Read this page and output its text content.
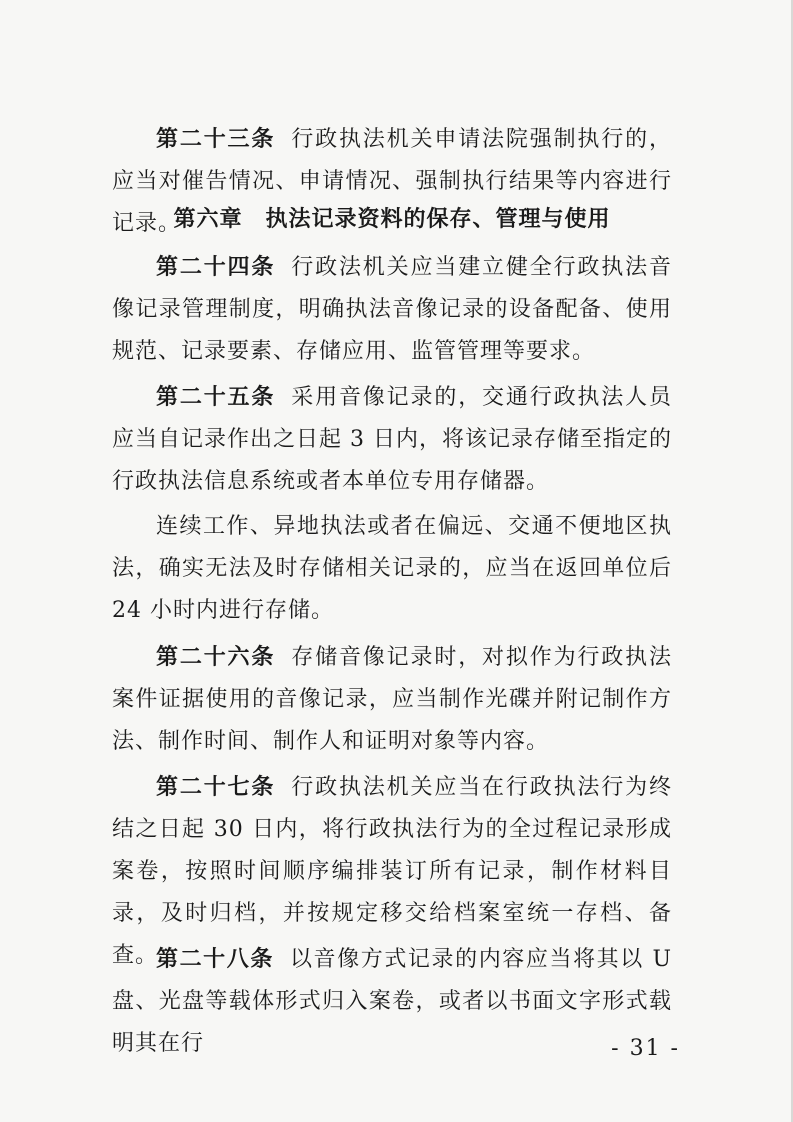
第二十三条 行政执法机关申请法院强制执行的，应当对催告情况、申请情况、强制执行结果等内容进行记录。

第六章　执法记录资料的保存、管理与使用

第二十四条 行政法机关应当建立健全行政执法音像记录管理制度，明确执法音像记录的设备配备、使用规范、记录要素、存储应用、监管管理等要求。

第二十五条 采用音像记录的，交通行政执法人员应当自记录作出之日起 3 日内，将该记录存储至指定的行政执法信息系统或者本单位专用存储器。

连续工作、异地执法或者在偏远、交通不便地区执法，确实无法及时存储相关记录的，应当在返回单位后 24 小时内进行存储。

第二十六条 存储音像记录时，对拟作为行政执法案件证据使用的音像记录，应当制作光碟并附记制作方法、制作时间、制作人和证明对象等内容。

第二十七条 行政执法机关应当在行政执法行为终结之日起 30 日内，将行政执法行为的全过程记录形成案卷，按照时间顺序编排装订所有记录，制作材料目录，及时归档，并按规定移交给档案室统一存档、备查。

第二十八条 以音像方式记录的内容应当将其以 U 盘、光盘等载体形式归入案卷，或者以书面文字形式载明其在行	- 31 -
